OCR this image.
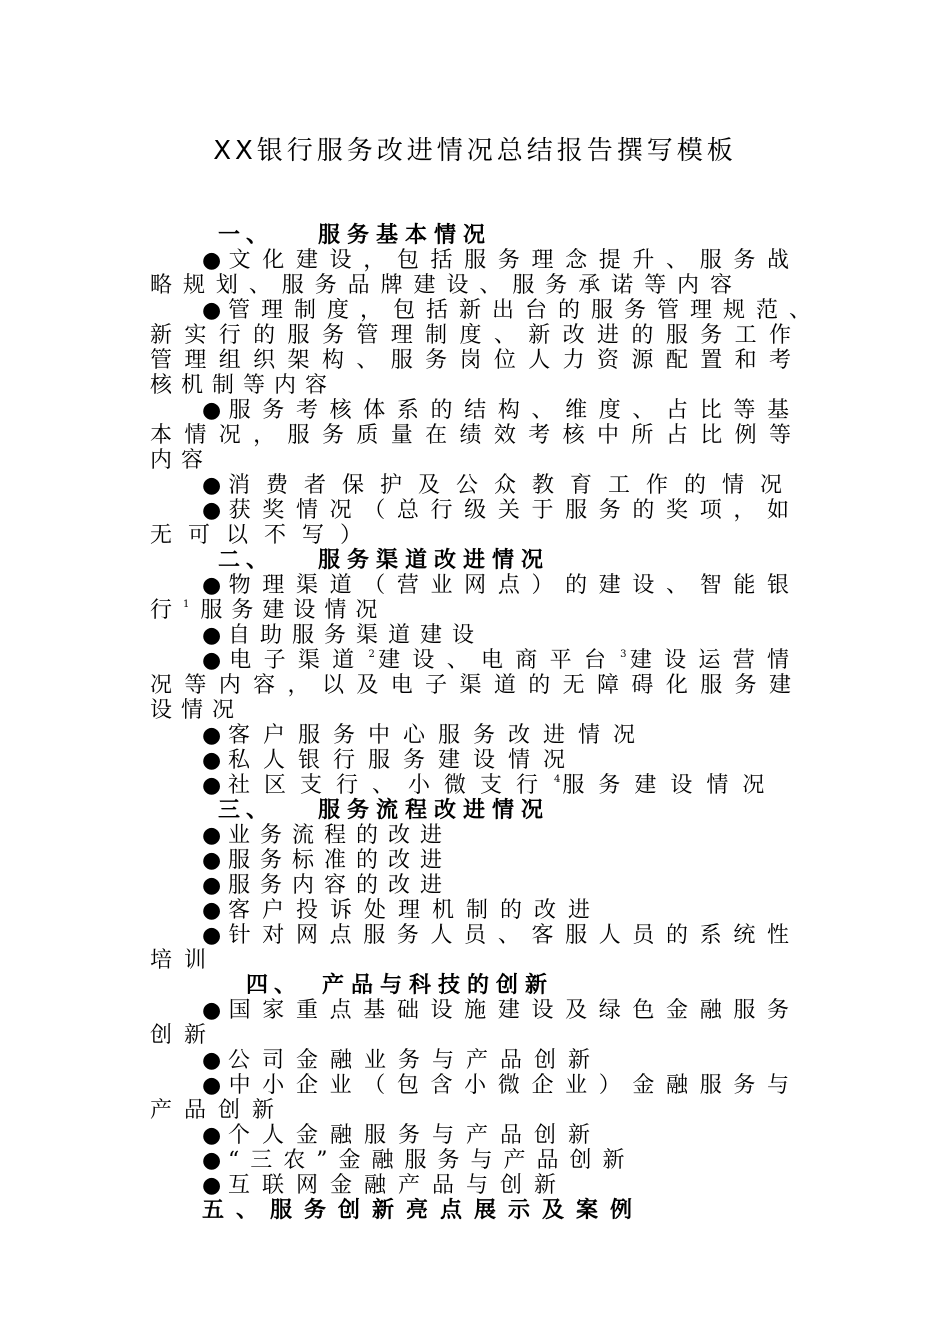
XX银行服务改进情况总结报告撰写模板
一、 服务基本情况
● 文化建设，包括服务理念提升、服务战
略规划、服务品牌建设、服务承诺等内容
● 管理制度，包括新出台的服务管理规范、
新实行的服务管理制度、新改进的服务工作
管理组织架构、服务岗位人力资源配置和考
核机制等内容
● 服务考核体系的结构、维度、占比等基
本情况，服务质量在绩效考核中所占比例等
内容
● 消费者保护及公众教育工作的情况
● 获奖情况（总行级关于服务的奖项，如
无可以不写）
二、 服务渠道改进情况
● 物理渠道（营业网点）的建设、智能银
行 $^1$服务建设情况
● 自助服务渠道建设
● 电子渠道 $^2$建设、电商平台 $^3$建设运营情
况等内容，以及电子渠道的无障碍化服务建
设情况
● 客户服务中心服务改进情况
● 私人银行服务建设情况
● 社区支行、小微支行 $^4$服务建设情况
三、 服务流程改进情况
● 业务流程的改进
● 服务标准的改进
● 服务内容的改进
● 客户投诉处理机制的改进
● 针对网点服务人员、客服人员的系统性
培训
四、 产品与科技的创新
● 国家重点基础设施建设及绿色金融服务
创新
● 公司金融业务与产品创新
● 中小企业（包含小微企业）金融服务与
产品创新
● 个人金融服务与产品创新
● “三农”金融服务与产品创新
● 互联网金融产品与创新
五、服务创新亮点展示及案例
